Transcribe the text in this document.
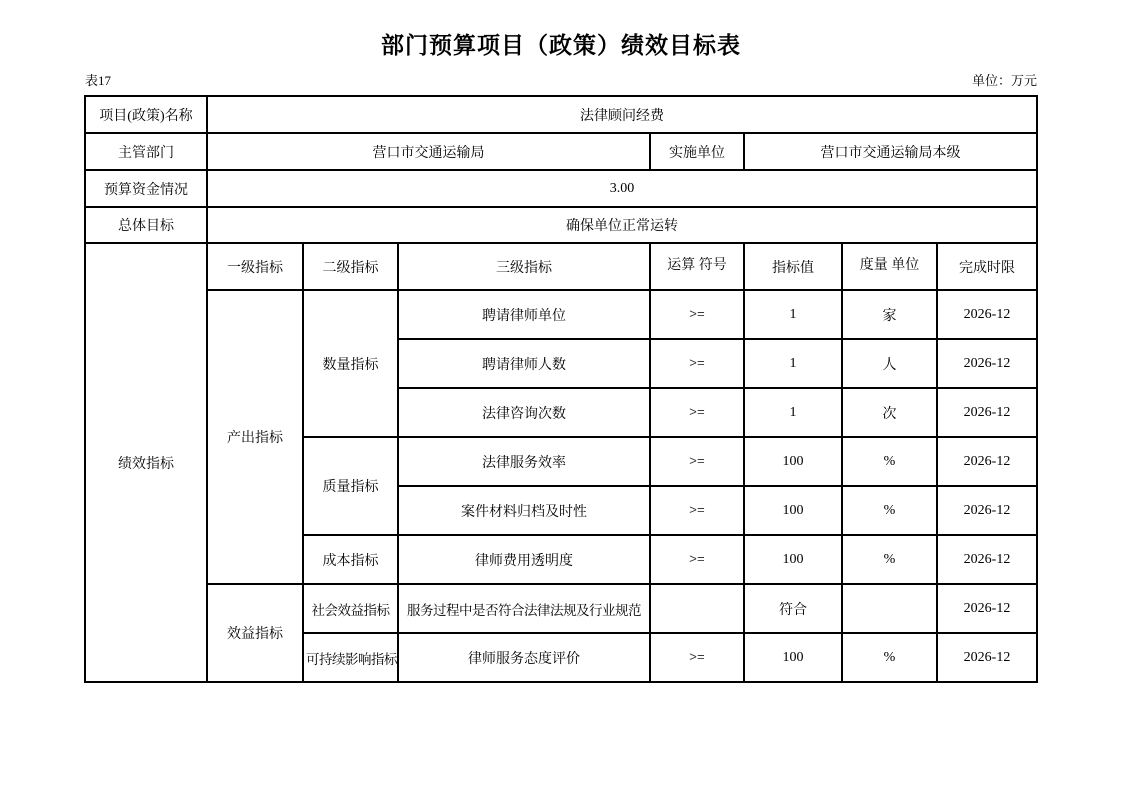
部门预算项目（政策）绩效目标表
表17	单位：万元
项目(政策)名称	法律顾问经费						
主管部门	营口市交通运输局			实施单位	营口市交通运输局本级		
预算资金情况	3.00						
总体目标	确保单位正常运转						
绩效指标	一级指标	二级指标	三级指标	运算 符号	指标值	度量 单位	完成时限
	产出指标	数量指标	聘请律师单位	>=	1	家	2026-12
			聘请律师人数	>=	1	人	2026-12
			法律咨询次数	>=	1	次	2026-12
		质量指标	法律服务效率	>=	100	%	2026-12
			案件材料归档及时性	>=	100	%	2026-12
		成本指标	律师费用透明度	>=	100	%	2026-12
	效益指标	社会效益指标	服务过程中是否符合法律法规及行业规范		符合		2026-12
		可持续影响指标	律师服务态度评价	>=	100	%	2026-12
